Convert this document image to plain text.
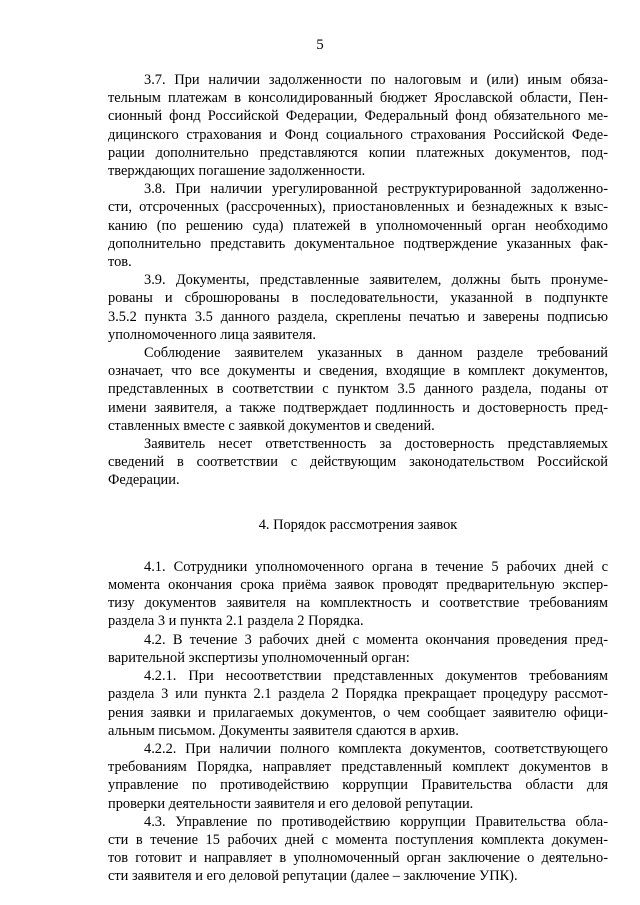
5
3.7. При наличии задолженности по налоговым и (или) иным обяза-
тельным платежам в консолидированный бюджет Ярославской области, Пен-
сионный фонд Российской Федерации, Федеральный фонд обязательного ме-
дицинского страхования и Фонд социального страхования Российской Феде-
рации дополнительно представляются копии платежных документов, под-
тверждающих погашение задолженности.
3.8. При наличии урегулированной реструктурированной задолженно-
сти, отсроченных (рассроченных), приостановленных и безнадежных к взыс-
канию (по решению суда) платежей в уполномоченный орган необходимо
дополнительно представить документальное подтверждение указанных фак-
тов.
3.9. Документы, представленные заявителем, должны быть пронуме-
рованы и сброшюрованы в последовательности, указанной в подпункте
3.5.2 пункта 3.5 данного раздела, скреплены печатью и заверены подписью
уполномоченного лица заявителя.
Соблюдение заявителем указанных в данном разделе требований
означает, что все документы и сведения, входящие в комплект документов,
представленных в соответствии с пунктом 3.5 данного раздела, поданы от
имени заявителя, а также подтверждает подлинность и достоверность пред-
ставленных вместе с заявкой документов и сведений.
Заявитель несет ответственность за достоверность представляемых
сведений в соответствии с действующим законодательством Российской
Федерации.
4. Порядок рассмотрения заявок
4.1. Сотрудники уполномоченного органа в течение 5 рабочих дней с
момента окончания срока приёма заявок проводят предварительную экспер-
тизу документов заявителя на комплектность и соответствие требованиям
раздела 3 и пункта 2.1 раздела 2 Порядка.
4.2. В течение 3 рабочих дней с момента окончания проведения пред-
варительной экспертизы уполномоченный орган:
4.2.1. При несоответствии представленных документов требованиям
раздела 3 или пункта 2.1 раздела 2 Порядка прекращает процедуру рассмот-
рения заявки и прилагаемых документов, о чем сообщает заявителю офици-
альным письмом. Документы заявителя сдаются в архив.
4.2.2. При наличии полного комплекта документов, соответствующего
требованиям Порядка, направляет представленный комплект документов в
управление по противодействию коррупции Правительства области для
проверки деятельности заявителя и его деловой репутации.
4.3. Управление по противодействию коррупции Правительства обла-
сти в течение 15 рабочих дней с момента поступления комплекта докумен-
тов готовит и направляет в уполномоченный орган заключение о деятельно-
сти заявителя и его деловой репутации (далее – заключение УПК).
